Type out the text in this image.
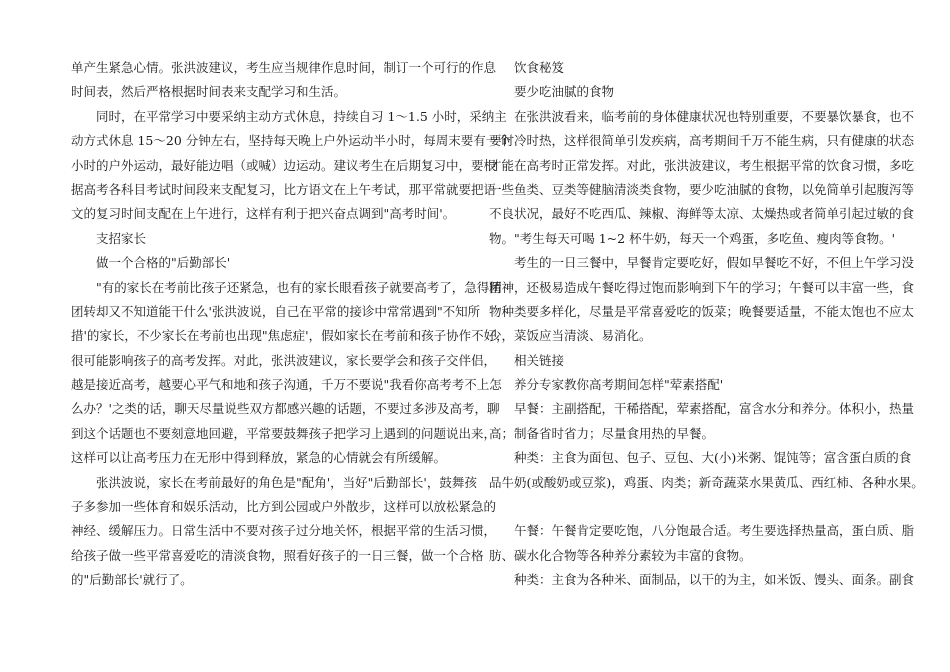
单产生紧急心情。张洪波建议，考生应当规律作息时间，制订一个可行的作息
时间表，然后严格根据时间表来支配学习和生活。
同时，在平常学习中要采纳主动方式休息，持续自习 1～1.5 小时，采纳主
动方式休息 15～20 分钟左右，坚持每天晚上户外运动半小时，每周末要有一个
小时的户外运动，最好能边唱（或喊）边运动。建议考生在后期复习中，要根
据高考各科目考试时间段来支配复习，比方语文在上午考试，那平常就要把语
文的复习时间支配在上午进行，这样有利于把兴奋点调到"高考时间'。
支招家长
做一个合格的"后勤部长'
"有的家长在考前比孩子还紧急，也有的家长眼看孩子就要高考了，急得团
团转却又不知道能干什么'张洪波说，自己在平常的接诊中常常遇到"不知所
措'的家长，不少家长在考前也出现"焦虑症'，假如家长在考前和孩子协作不好，
很可能影响孩子的高考发挥。对此，张洪波建议，家长要学会和孩子交伴侣，
越是接近高考，越要心平气和地和孩子沟通，千万不要说"我看你高考考不上怎
么办？'之类的话，聊天尽量说些双方都感兴趣的话题，不要过多涉及高考，聊
到这个话题也不要刻意地回避，平常要鼓舞孩子把学习上遇到的问题说出来，
这样可以让高考压力在无形中得到释放，紧急的心情就会有所缓解。
张洪波说，家长在考前最好的角色是"配角'，当好"后勤部长'，鼓舞孩
子多参加一些体育和娱乐活动，比方到公园或户外散步，这样可以放松紧急的
神经、缓解压力。日常生活中不要对孩子过分地关怀，根据平常的生活习惯，
给孩子做一些平常喜爱吃的清淡食物，照看好孩子的一日三餐，做一个合格
的"后勤部长'就行了。
饮食秘笈
要少吃油腻的食物
在张洪波看来，临考前的身体健康状况也特别重要，不要暴饮暴食，也不
要时冷时热，这样很简单引发疾病，高考期间千万不能生病，只有健康的状态
才能在高考时正常发挥。对此，张洪波建议，考生根据平常的饮食习惯，多吃
一些鱼类、豆类等健脑清淡类食物，要少吃油腻的食物，以免简单引起腹泻等
不良状况，最好不吃西瓜、辣椒、海鲜等太凉、太燥热或者简单引起过敏的食
物。"考生每天可喝 1~2 杯牛奶，每天一个鸡蛋，多吃鱼、瘦肉等食物。'
考生的一日三餐中，早餐肯定要吃好，假如早餐吃不好，不但上午学习没
精神，还极易造成午餐吃得过饱而影响到下午的学习；午餐可以丰富一些，食
物种类要多样化，尽量是平常喜爱吃的饭菜；晚餐要适量，不能太饱也不应太
少，菜饭应当清淡、易消化。
相关链接
养分专家教你高考期间怎样"荤素搭配'
早餐：主副搭配，干稀搭配，荤素搭配，富含水分和养分。体积小，热量
高；制备省时省力；尽量食用热的早餐。
种类：主食为面包、包子、豆包、大(小)米粥、馄饨等；富含蛋白质的食
品牛奶(或酸奶或豆浆)，鸡蛋、肉类；新奇蔬菜水果黄瓜、西红柿、各种水果。
午餐：午餐肯定要吃饱，八分饱最合适。考生要选择热量高，蛋白质、脂
肪、碳水化合物等各种养分素较为丰富的食物。
种类：主食为各种米、面制品，以干的为主，如米饭、馒头、面条。副食
